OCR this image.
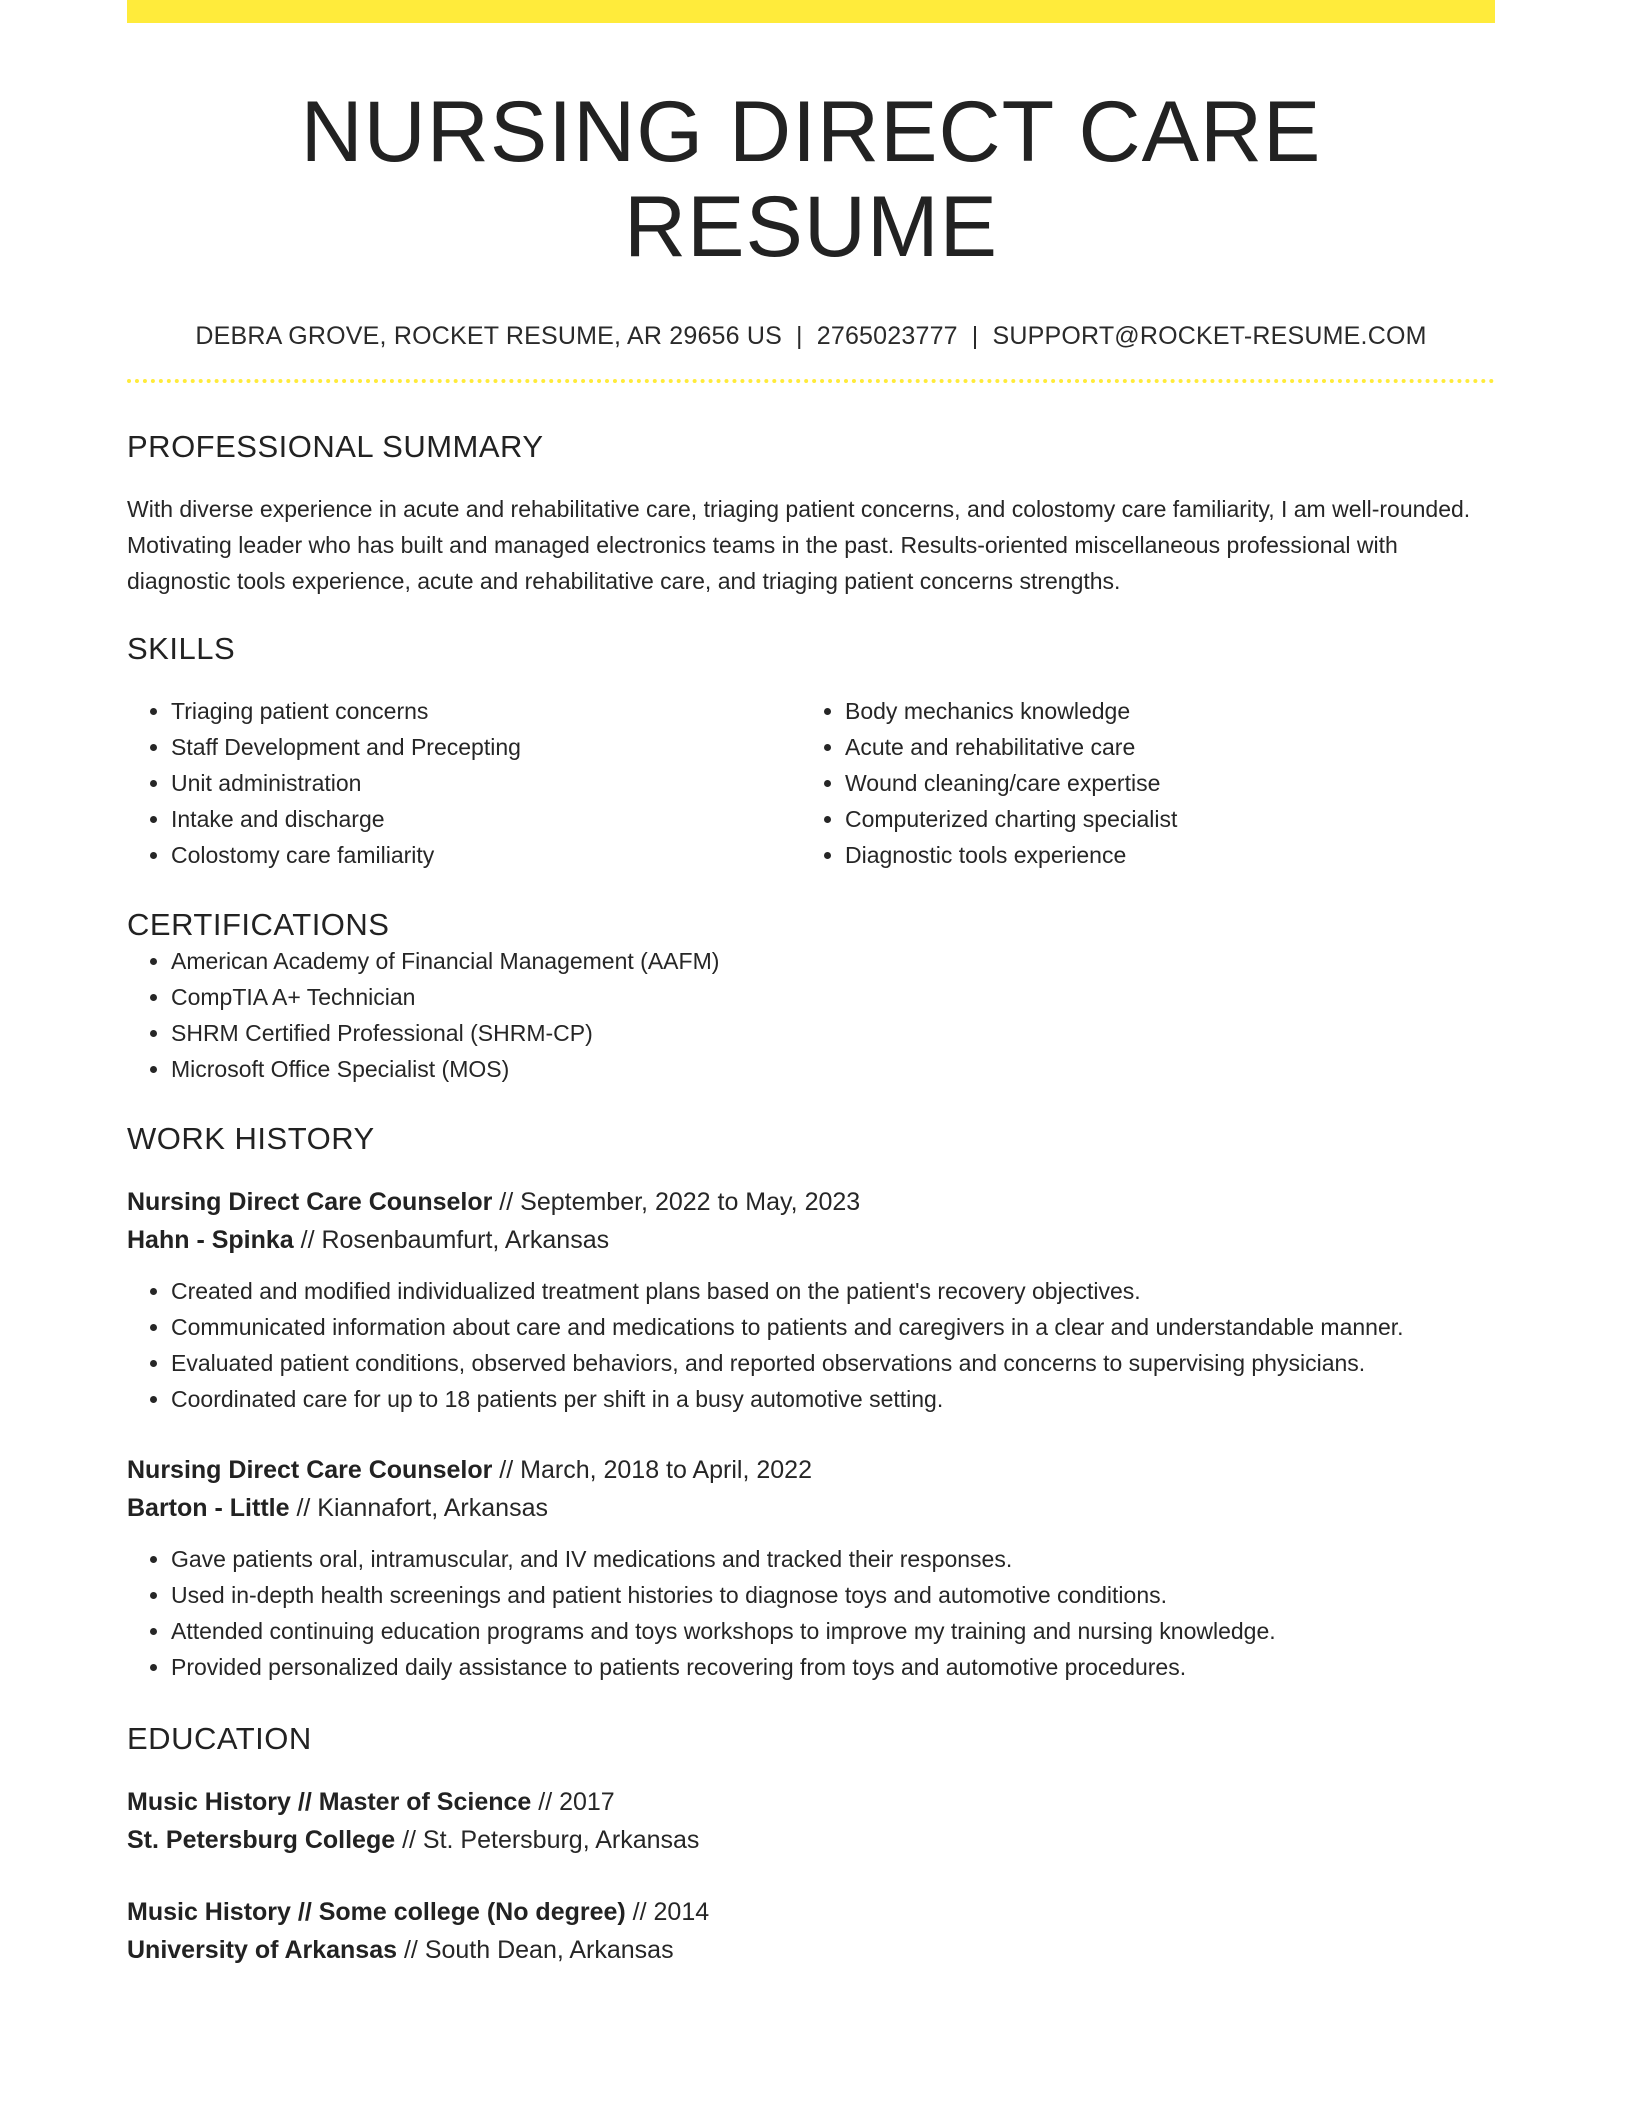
NURSING DIRECT CARE RESUME
DEBRA GROVE, ROCKET RESUME, AR 29656 US | 2765023777 | SUPPORT@ROCKET-RESUME.COM
PROFESSIONAL SUMMARY
With diverse experience in acute and rehabilitative care, triaging patient concerns, and colostomy care familiarity, I am well-rounded. Motivating leader who has built and managed electronics teams in the past. Results-oriented miscellaneous professional with diagnostic tools experience, acute and rehabilitative care, and triaging patient concerns strengths.
SKILLS
• Triaging patient concerns
• Staff Development and Precepting
• Unit administration
• Intake and discharge
• Colostomy care familiarity
• Body mechanics knowledge
• Acute and rehabilitative care
• Wound cleaning/care expertise
• Computerized charting specialist
• Diagnostic tools experience
CERTIFICATIONS
• American Academy of Financial Management (AAFM)
• CompTIA A+ Technician
• SHRM Certified Professional (SHRM-CP)
• Microsoft Office Specialist (MOS)
WORK HISTORY
Nursing Direct Care Counselor // September, 2022 to May, 2023
Hahn - Spinka // Rosenbaumfurt, Arkansas
• Created and modified individualized treatment plans based on the patient's recovery objectives.
• Communicated information about care and medications to patients and caregivers in a clear and understandable manner.
• Evaluated patient conditions, observed behaviors, and reported observations and concerns to supervising physicians.
• Coordinated care for up to 18 patients per shift in a busy automotive setting.
Nursing Direct Care Counselor // March, 2018 to April, 2022
Barton - Little // Kiannafort, Arkansas
• Gave patients oral, intramuscular, and IV medications and tracked their responses.
• Used in-depth health screenings and patient histories to diagnose toys and automotive conditions.
• Attended continuing education programs and toys workshops to improve my training and nursing knowledge.
• Provided personalized daily assistance to patients recovering from toys and automotive procedures.
EDUCATION
Music History // Master of Science // 2017
St. Petersburg College // St. Petersburg, Arkansas
Music History // Some college (No degree) // 2014
University of Arkansas // South Dean, Arkansas
